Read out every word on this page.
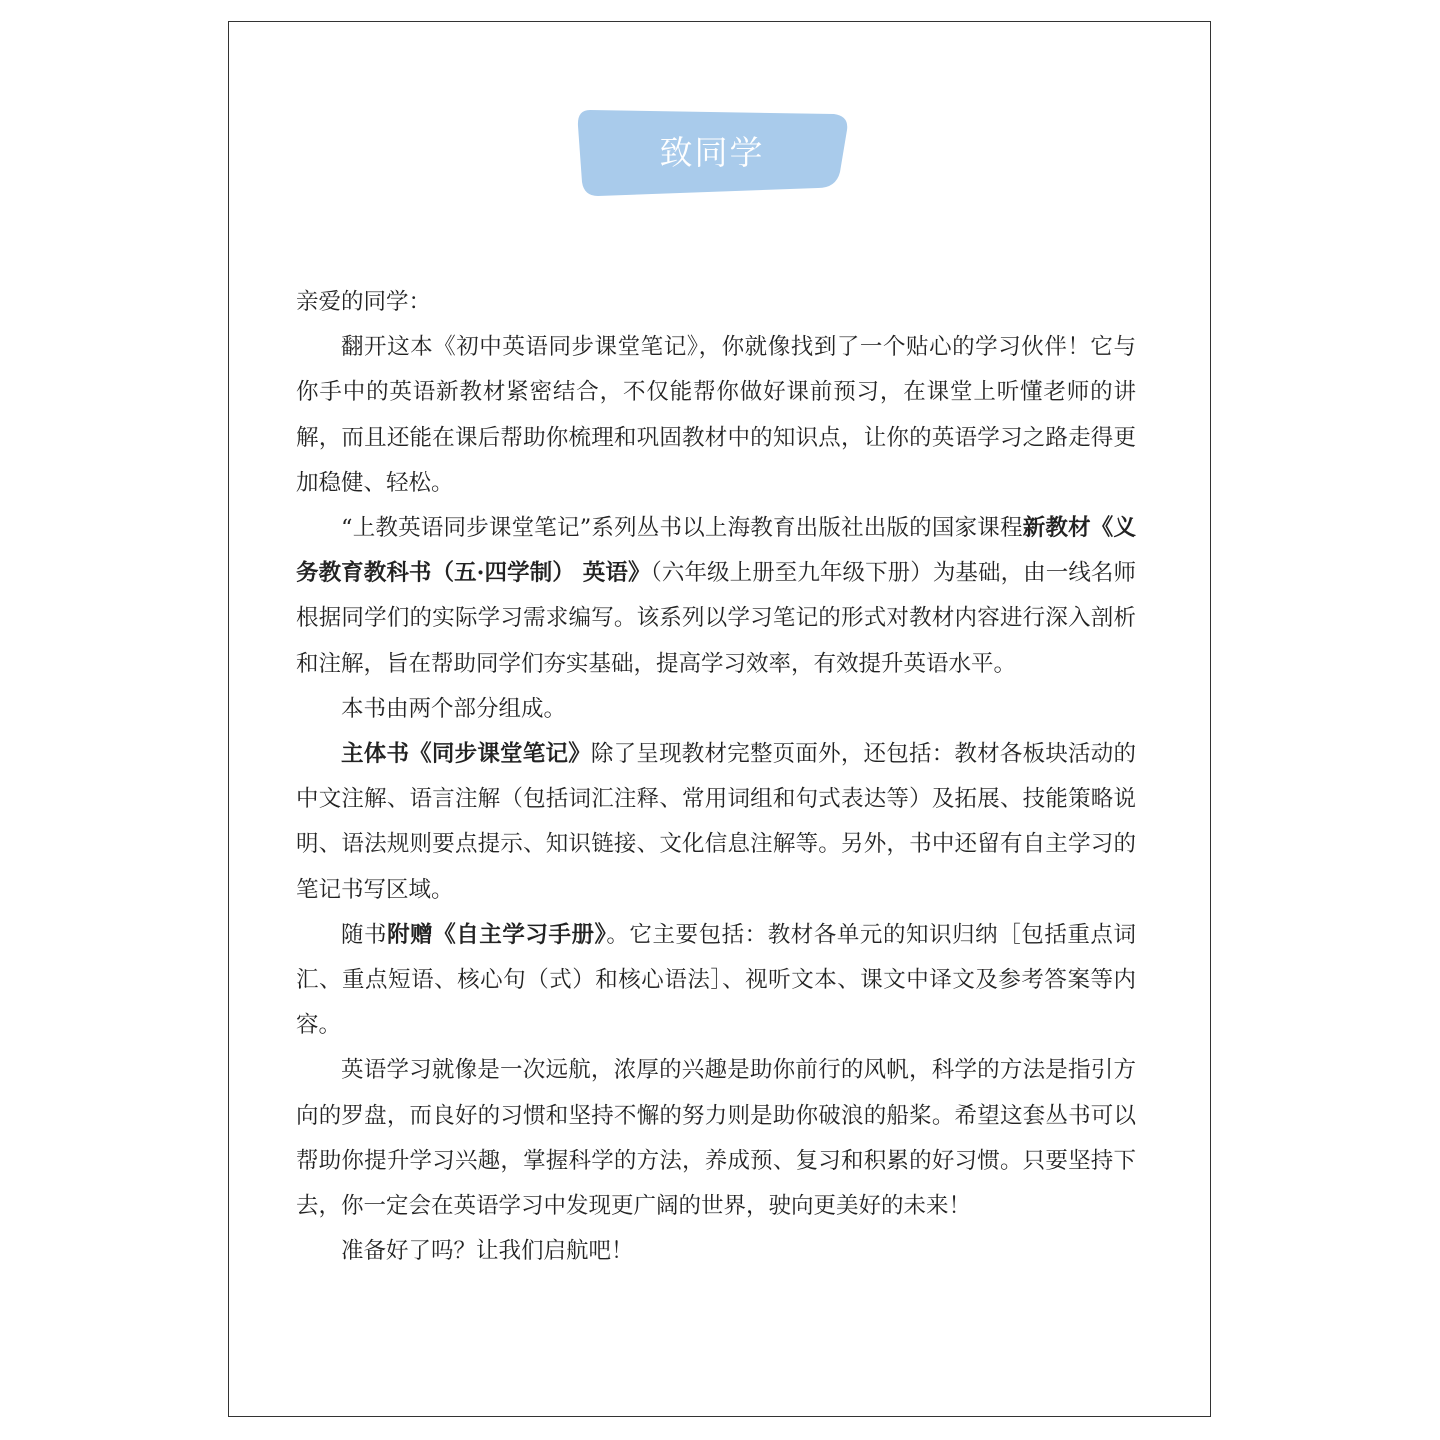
致同学

亲爱的同学：

翻开这本《初中英语同步课堂笔记》，你就像找到了一个贴心的学习伙伴！它与你手中的英语新教材紧密结合，不仅能帮你做好课前预习，在课堂上听懂老师的讲解，而且还能在课后帮助你梳理和巩固教材中的知识点，让你的英语学习之路走得更加稳健、轻松。

“上教英语同步课堂笔记”系列丛书以上海教育出版社出版的国家课程新教材《义务教育教科书（五·四学制） 英语》（六年级上册至九年级下册）为基础，由一线名师根据同学们的实际学习需求编写。该系列以学习笔记的形式对教材内容进行深入剖析和注解，旨在帮助同学们夯实基础，提高学习效率，有效提升英语水平。

本书由两个部分组成。

主体书《同步课堂笔记》除了呈现教材完整页面外，还包括：教材各板块活动的中文注解、语言注解（包括词汇注释、常用词组和句式表达等）及拓展、技能策略说明、语法规则要点提示、知识链接、文化信息注解等。另外，书中还留有自主学习的笔记书写区域。

随书附赠《自主学习手册》。它主要包括：教材各单元的知识归纳［包括重点词汇、重点短语、核心句（式）和核心语法］、视听文本、课文中译文及参考答案等内容。

英语学习就像是一次远航，浓厚的兴趣是助你前行的风帆，科学的方法是指引方向的罗盘，而良好的习惯和坚持不懈的努力则是助你破浪的船桨。希望这套丛书可以帮助你提升学习兴趣，掌握科学的方法，养成预、复习和积累的好习惯。只要坚持下去，你一定会在英语学习中发现更广阔的世界，驶向更美好的未来！

准备好了吗？让我们启航吧！
